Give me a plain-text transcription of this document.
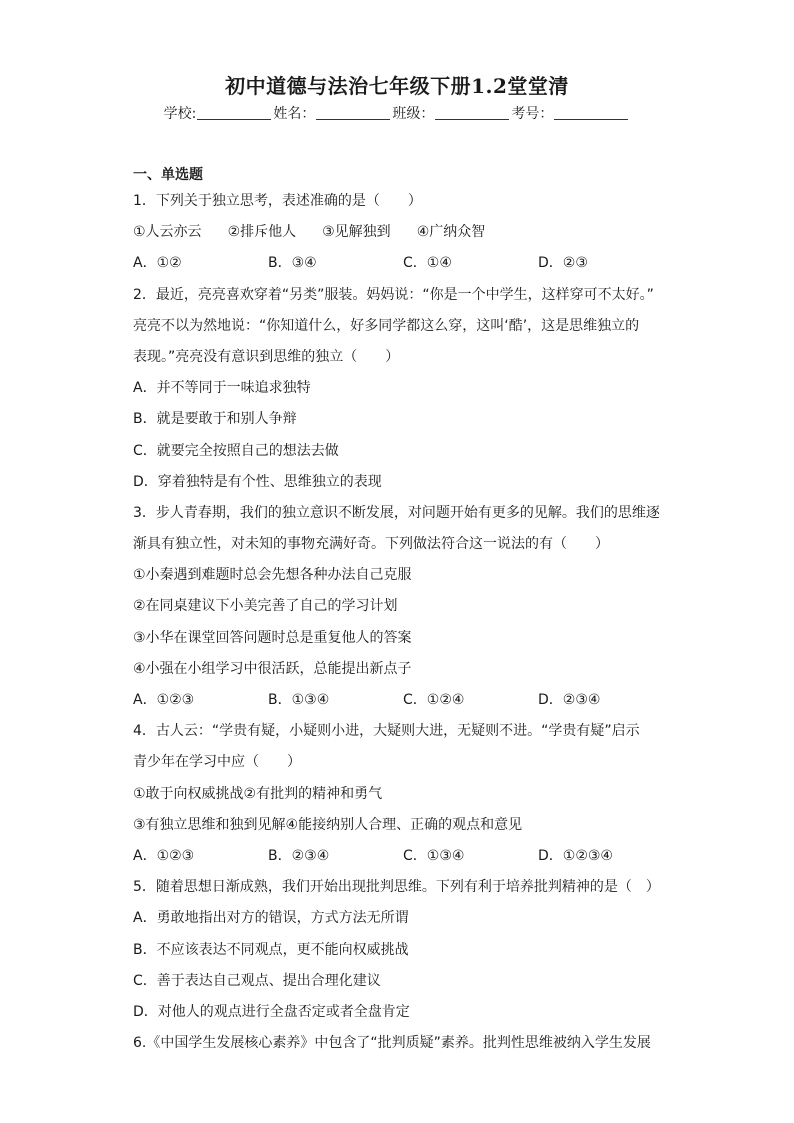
初中道德与法治七年级下册1.2堂堂清
学校:	姓名：	班级：	考号：
一、单选题
1．下列关于独立思考，表述准确的是（　　）
①人云亦云 ②排斥他人 ③见解独到 ④广纳众智
A．①②	B．③④	C．①④	D．②③
2．最近，亮亮喜欢穿着“另类”服装。妈妈说：“你是一个中学生，这样穿可不太好。”
亮亮不以为然地说：“你知道什么，好多同学都这么穿，这叫‘酷’，这是思维独立的
表现。”亮亮没有意识到思维的独立（　　）
A．并不等同于一味追求独特
B．就是要敢于和别人争辩
C．就要完全按照自己的想法去做
D．穿着独特是有个性、思维独立的表现
3．步人青春期，我们的独立意识不断发展，对问题开始有更多的见解。我们的思维逐
渐具有独立性，对未知的事物充满好奇。下列做法符合这一说法的有（　　）
①小秦遇到难题时总会先想各种办法自己克服
②在同桌建议下小美完善了自己的学习计划
③小华在课堂回答问题时总是重复他人的答案
④小强在小组学习中很活跃，总能提出新点子
A．①②③	B．①③④	C．①②④	D．②③④
4．古人云：“学贵有疑，小疑则小进，大疑则大进，无疑则不进。“学贵有疑”启示
青少年在学习中应（　　）
①敢于向权威挑战②有批判的精神和勇气
③有独立思维和独到见解④能接纳别人合理、正确的观点和意见
A．①②③	B．②③④	C．①③④	D．①②③④
5．随着思想日渐成熟，我们开始出现批判思维。下列有利于培养批判精神的是（　）
A．勇敢地指出对方的错误，方式方法无所谓
B．不应该表达不同观点，更不能向权威挑战
C．善于表达自己观点、提出合理化建议
D．对他人的观点进行全盘否定或者全盘肯定
6.《中国学生发展核心素养》中包含了“批判质疑”素养。批判性思维被纳入学生发展
